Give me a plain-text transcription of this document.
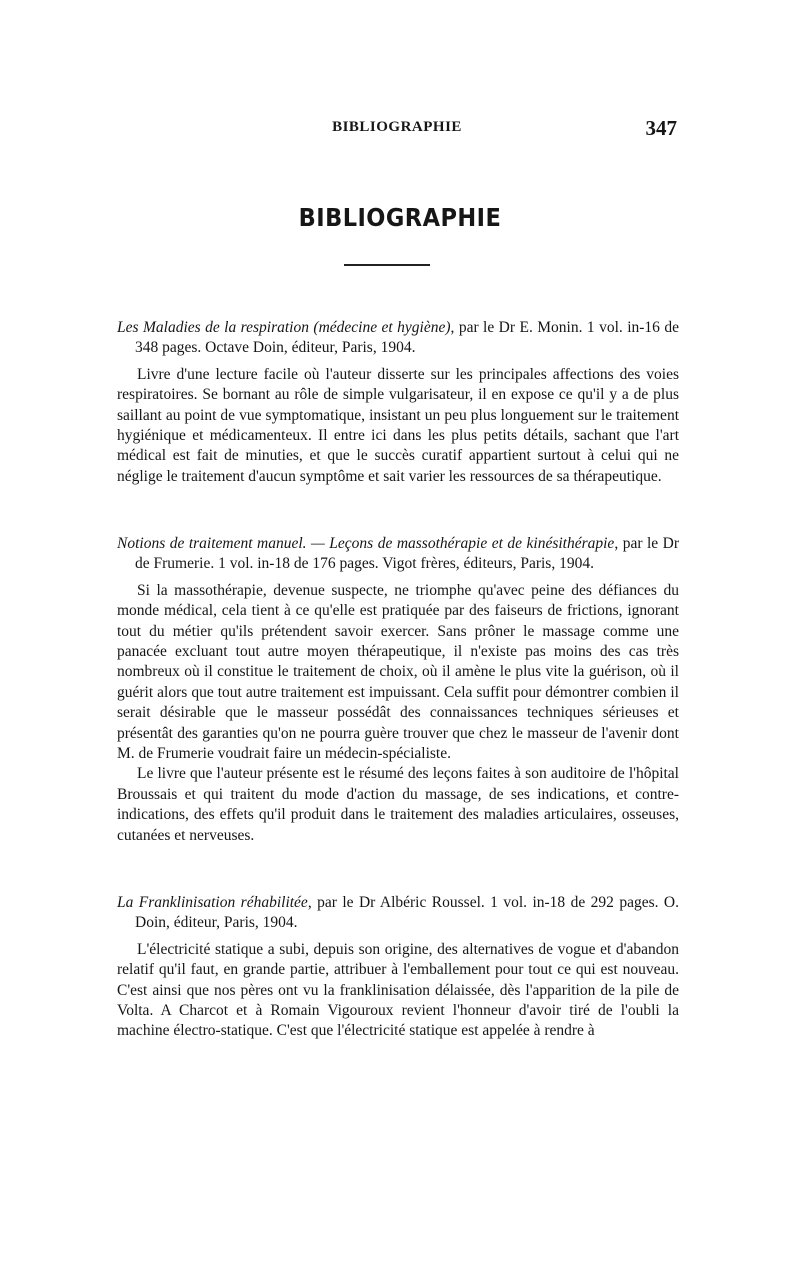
BIBLIOGRAPHIE	347
BIBLIOGRAPHIE

Les Maladies de la respiration (médecine et hygiène), par le Dr E. Monin. 1 vol. in-16 de 348 pages. Octave Doin, éditeur, Paris, 1904.

Livre d'une lecture facile où l'auteur disserte sur les principales affections des voies respiratoires. Se bornant au rôle de simple vulgarisateur, il en expose ce qu'il y a de plus saillant au point de vue symptomatique, insistant un peu plus longuement sur le traitement hygiénique et médicamenteux. Il entre ici dans les plus petits détails, sachant que l'art médical est fait de minuties, et que le succès curatif appartient surtout à celui qui ne néglige le traitement d'aucun symptôme et sait varier les ressources de sa thérapeutique.

Notions de traitement manuel. — Leçons de massothérapie et de kinésithérapie, par le Dr de Frumerie. 1 vol. in-18 de 176 pages. Vigot frères, éditeurs, Paris, 1904.

Si la massothérapie, devenue suspecte, ne triomphe qu'avec peine des défiances du monde médical, cela tient à ce qu'elle est pratiquée par des faiseurs de frictions, ignorant tout du métier qu'ils prétendent savoir exercer. Sans prôner le massage comme une panacée excluant tout autre moyen thérapeutique, il n'existe pas moins des cas très nombreux où il constitue le traitement de choix, où il amène le plus vite la guérison, où il guérit alors que tout autre traitement est impuissant. Cela suffit pour démontrer combien il serait désirable que le masseur possédât des connaissances techniques sérieuses et présentât des garanties qu'on ne pourra guère trouver que chez le masseur de l'avenir dont M. de Frumerie voudrait faire un médecin-spécialiste.

Le livre que l'auteur présente est le résumé des leçons faites à son auditoire de l'hôpital Broussais et qui traitent du mode d'action du massage, de ses indications, et contre-indications, des effets qu'il produit dans le traitement des maladies articulaires, osseuses, cutanées et nerveuses.

La Franklinisation réhabilitée, par le Dr Albéric Roussel. 1 vol. in-18 de 292 pages. O. Doin, éditeur, Paris, 1904.

L'électricité statique a subi, depuis son origine, des alternatives de vogue et d'abandon relatif qu'il faut, en grande partie, attribuer à l'emballement pour tout ce qui est nouveau. C'est ainsi que nos pères ont vu la franklinisation délaissée, dès l'apparition de la pile de Volta. A Charcot et à Romain Vigouroux revient l'honneur d'avoir tiré de l'oubli la machine électro-statique. C'est que l'électricité statique est appelée à rendre à
